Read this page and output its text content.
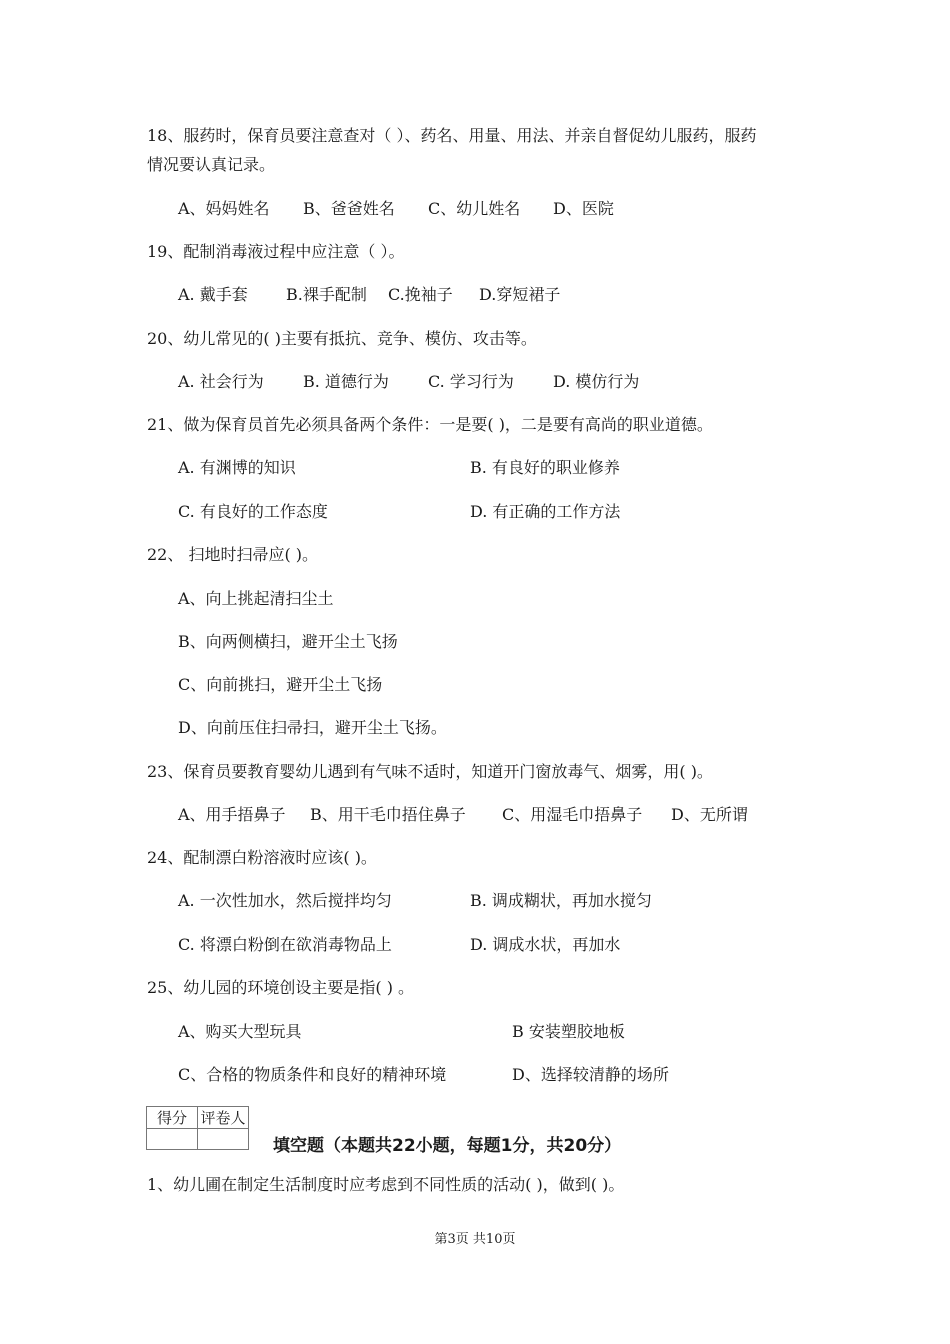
18、服药时，保育员要注意查对（ ）、药名、用量、用法、并亲自督促幼儿服药，服药
情况要认真记录。
A、妈妈姓名 B、爸爸姓名 C、幼儿姓名 D、医院
19、配制消毒液过程中应注意（ ）。
A. 戴手套 B.裸手配制 C.挽袖子 D.穿短裙子
20、幼儿常见的( )主要有抵抗、竞争、模仿、攻击等。
A. 社会行为 B. 道德行为 C. 学习行为 D. 模仿行为
21、做为保育员首先必须具备两个条件：一是要( )，二是要有高尚的职业道德。
A. 有渊博的知识	B. 有良好的职业修养
C. 有良好的工作态度	D. 有正确的工作方法
22、 扫地时扫帚应( )。
A、向上挑起清扫尘土
B、向两侧横扫，避开尘土飞扬
C、向前挑扫，避开尘土飞扬
D、向前压住扫帚扫，避开尘土飞扬。
23、保育员要教育婴幼儿遇到有气味不适时，知道开门窗放毒气、烟雾，用( )。
A、用手捂鼻子 B、用干毛巾捂住鼻子 C、用湿毛巾捂鼻子 D、无所谓
24、配制漂白粉溶液时应该( )。
A. 一次性加水，然后搅拌均匀	B. 调成糊状，再加水搅匀
C. 将漂白粉倒在欲消毒物品上	D. 调成水状，再加水
25、幼儿园的环境创设主要是指( ) 。
A、购买大型玩具	B 安装塑胶地板
C、合格的物质条件和良好的精神环境	D、选择较清静的场所
得分	评卷人

填空题（本题共22小题，每题1分，共20分）
1、幼儿圃在制定生活制度时应考虑到不同性质的活动( )，做到( )。
第3页 共10页
